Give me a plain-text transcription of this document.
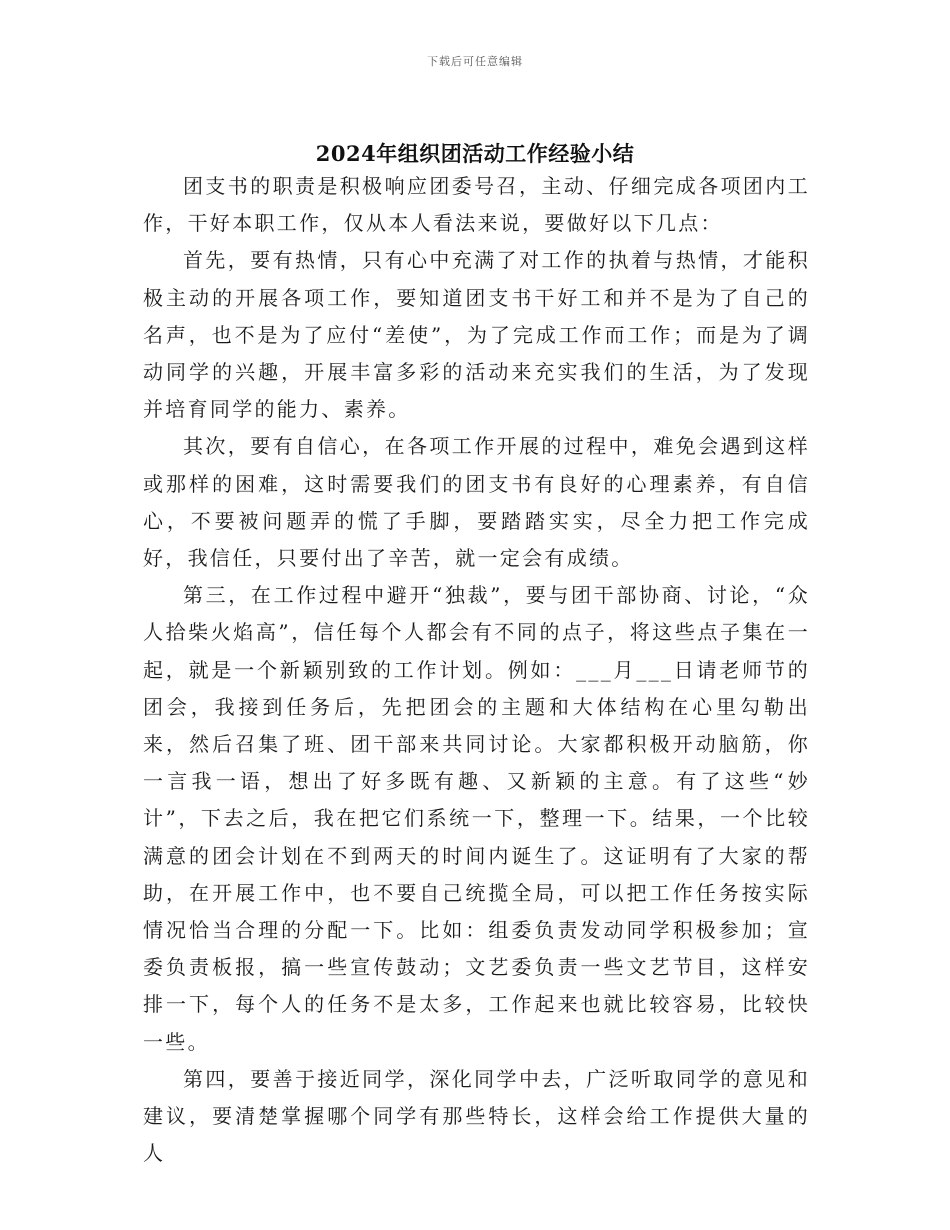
下载后可任意编辑
2024年组织团活动工作经验小结

团支书的职责是积极响应团委号召，主动、仔细完成各项团内工作，干好本职工作，仅从本人看法来说，要做好以下几点：

首先，要有热情，只有心中充满了对工作的执着与热情，才能积极主动的开展各项工作，要知道团支书干好工和并不是为了自己的名声，也不是为了应付“差使”，为了完成工作而工作；而是为了调动同学的兴趣，开展丰富多彩的活动来充实我们的生活，为了发现并培育同学的能力、素养。

其次，要有自信心，在各项工作开展的过程中，难免会遇到这样或那样的困难，这时需要我们的团支书有良好的心理素养，有自信心，不要被问题弄的慌了手脚，要踏踏实实，尽全力把工作完成好，我信任，只要付出了辛苦，就一定会有成绩。

第三，在工作过程中避开“独裁”，要与团干部协商、讨论，“众人拾柴火焰高”，信任每个人都会有不同的点子，将这些点子集在一起，就是一个新颖别致的工作计划。例如：___月___日请老师节的团会，我接到任务后，先把团会的主题和大体结构在心里勾勒出来，然后召集了班、团干部来共同讨论。大家都积极开动脑筋，你一言我一语，想出了好多既有趣、又新颖的主意。有了这些“妙计”，下去之后，我在把它们系统一下，整理一下。结果，一个比较满意的团会计划在不到两天的时间内诞生了。这证明有了大家的帮助，在开展工作中，也不要自己统揽全局，可以把工作任务按实际情况恰当合理的分配一下。比如：组委负责发动同学积极参加；宣委负责板报，搞一些宣传鼓动；文艺委负责一些文艺节目，这样安排一下，每个人的任务不是太多，工作起来也就比较容易，比较快一些。

第四，要善于接近同学，深化同学中去，广泛听取同学的意见和建议，要清楚掌握哪个同学有那些特长，这样会给工作提供大量的人
